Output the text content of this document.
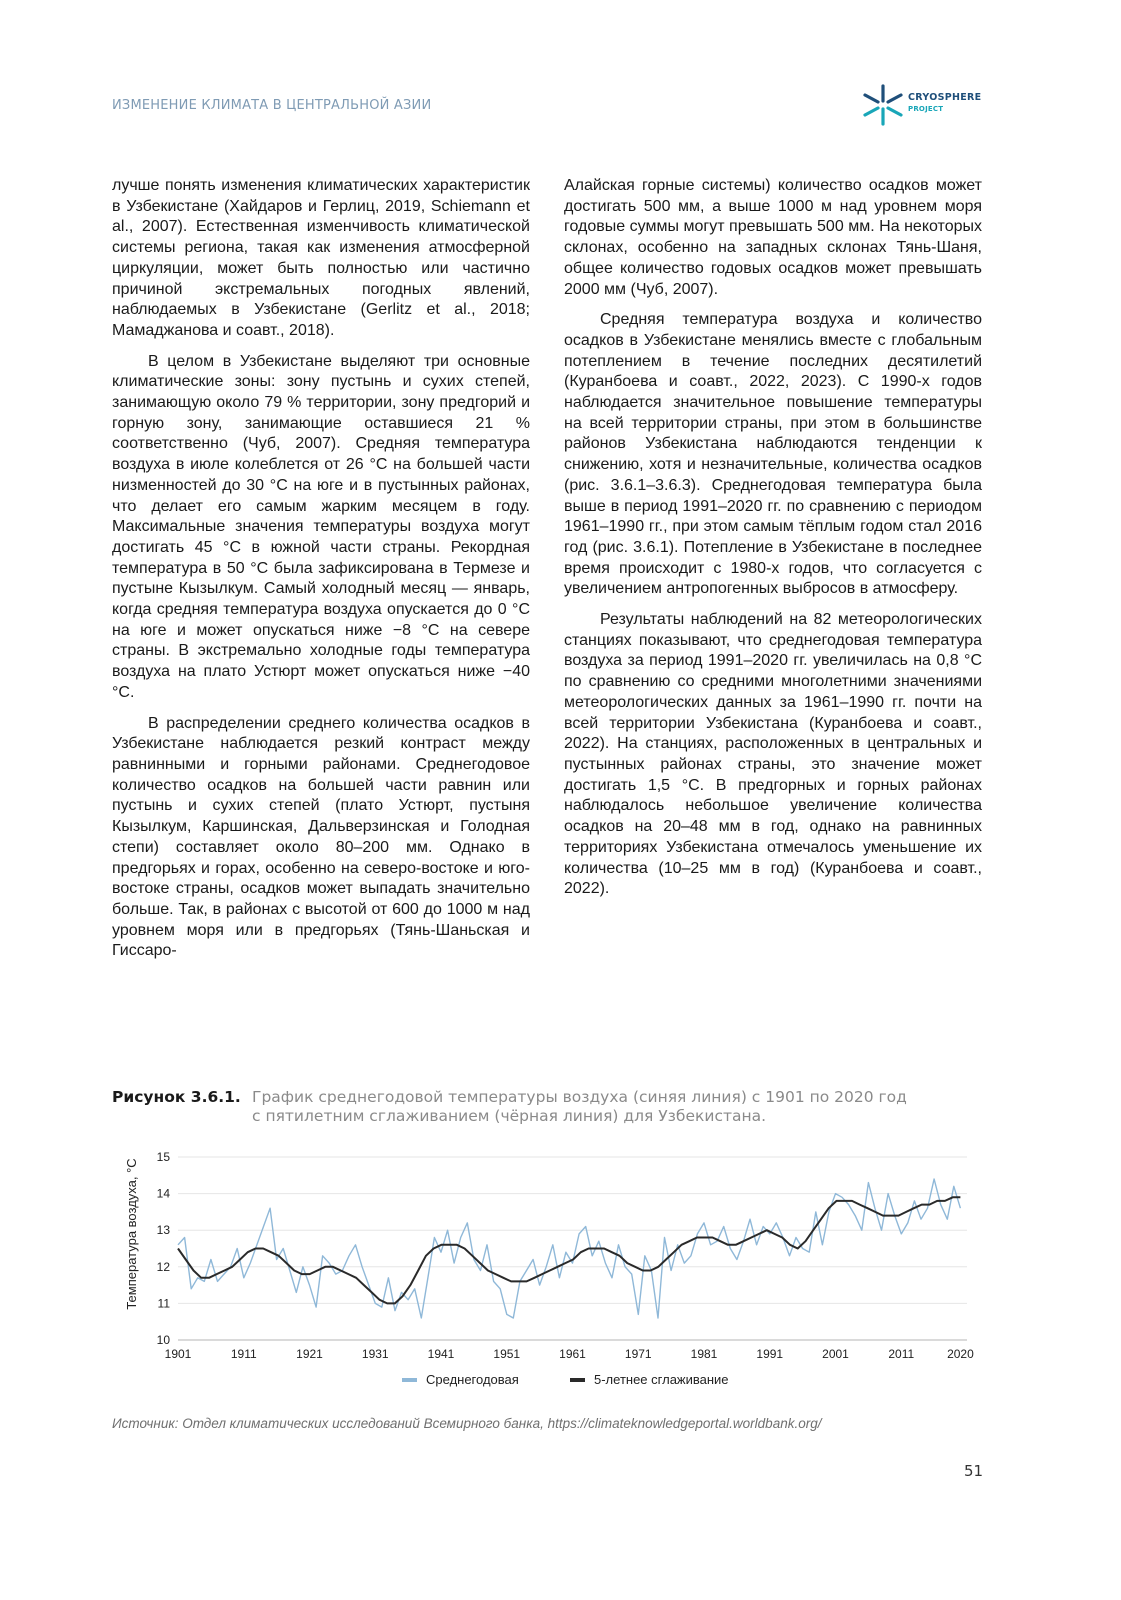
ИЗМЕНЕНИЕ КЛИМАТА В ЦЕНТРАЛЬНОЙ АЗИИ
CRYOSPHERE
PROJECT

лучше понять изменения климатических характеристик в Узбекистане (Хайдаров и Герлиц, 2019, Schiemann et al., 2007). Естественная изменчивость климатической системы региона, такая как изменения атмосферной циркуляции, может быть полностью или частично причиной экстремальных погодных явлений, наблюдаемых в Узбекистане (Gerlitz et al., 2018; Мамаджанова и соавт., 2018).

В целом в Узбекистане выделяют три основные климатические зоны: зону пустынь и сухих степей, занимающую около 79 % территории, зону предгорий и горную зону, занимающие оставшиеся 21 % соответственно (Чуб, 2007). Средняя температура воздуха в июле колеблется от 26 °С на большей части низменностей до 30 °С на юге и в пустынных районах, что делает его самым жарким месяцем в году. Максимальные значения температуры воздуха могут достигать 45 °С в южной части страны. Рекордная температура в 50 °С была зафиксирована в Термезе и пустыне Кызылкум. Самый холодный месяц — январь, когда средняя температура воздуха опускается до 0 °С на юге и может опускаться ниже −8 °С на севере страны. В экстремально холодные годы температура воздуха на плато Устюрт может опускаться ниже −40 °С.

В распределении среднего количества осадков в Узбекистане наблюдается резкий контраст между равнинными и горными районами. Среднегодовое количество осадков на большей части равнин или пустынь и сухих степей (плато Устюрт, пустыня Кызылкум, Каршинская, Дальверзинская и Голодная степи) составляет около 80–200 мм. Однако в предгорьях и горах, особенно на северо-востоке и юго-востоке страны, осадков может выпадать значительно больше. Так, в районах с высотой от 600 до 1000 м над уровнем моря или в предгорьях (Тянь-Шаньская и Гиссаро-

Алайская горные системы) количество осадков может достигать 500 мм, а выше 1000 м над уровнем моря годовые суммы могут превышать 500 мм. На некоторых склонах, особенно на западных склонах Тянь-Шаня, общее количество годовых осадков может превышать 2000 мм (Чуб, 2007).

Средняя температура воздуха и количество осадков в Узбекистане менялись вместе с глобальным потеплением в течение последних десятилетий (Куранбоева и соавт., 2022, 2023). С 1990-х годов наблюдается значительное повышение температуры на всей территории страны, при этом в большинстве районов Узбекистана наблюдаются тенденции к снижению, хотя и незначительные, количества осадков (рис. 3.6.1–3.6.3). Среднегодовая температура была выше в период 1991–2020 гг. по сравнению с периодом 1961–1990 гг., при этом самым тёплым годом стал 2016 год (рис. 3.6.1). Потепление в Узбекистане в последнее время происходит с 1980-х годов, что согласуется с увеличением антропогенных выбросов в атмосферу.

Результаты наблюдений на 82 метеорологических станциях показывают, что среднегодовая температура воздуха за период 1991–2020 гг. увеличилась на 0,8 °С по сравнению со средними многолетними значениями метеорологических данных за 1961–1990 гг. почти на всей территории Узбекистана (Куранбоева и соавт., 2022). На станциях, расположенных в центральных и пустынных районах страны, это значение может достигать 1,5 °С. В предгорных и горных районах наблюдалось небольшое увеличение количества осадков на 20–48 мм в год, однако на равнинных территориях Узбекистана отмечалось уменьшение их количества (10–25 мм в год) (Куранбоева и соавт., 2022).

Рисунок 3.6.1. График среднегодовой температуры воздуха (синяя линия) с 1901 по 2020 год
с пятилетним сглаживанием (чёрная линия) для Узбекистана.
Температура воздуха, °С
10
11
12
13
14
15
1901	1911	1921	1931	1941	1951	1961	1971	1981	1991	2001	2011	2020
Среднегодовая	5-летнее сглаживание
Источник: Отдел климатических исследований Всемирного банка, https://climateknowledgeportal.worldbank.org/
51
